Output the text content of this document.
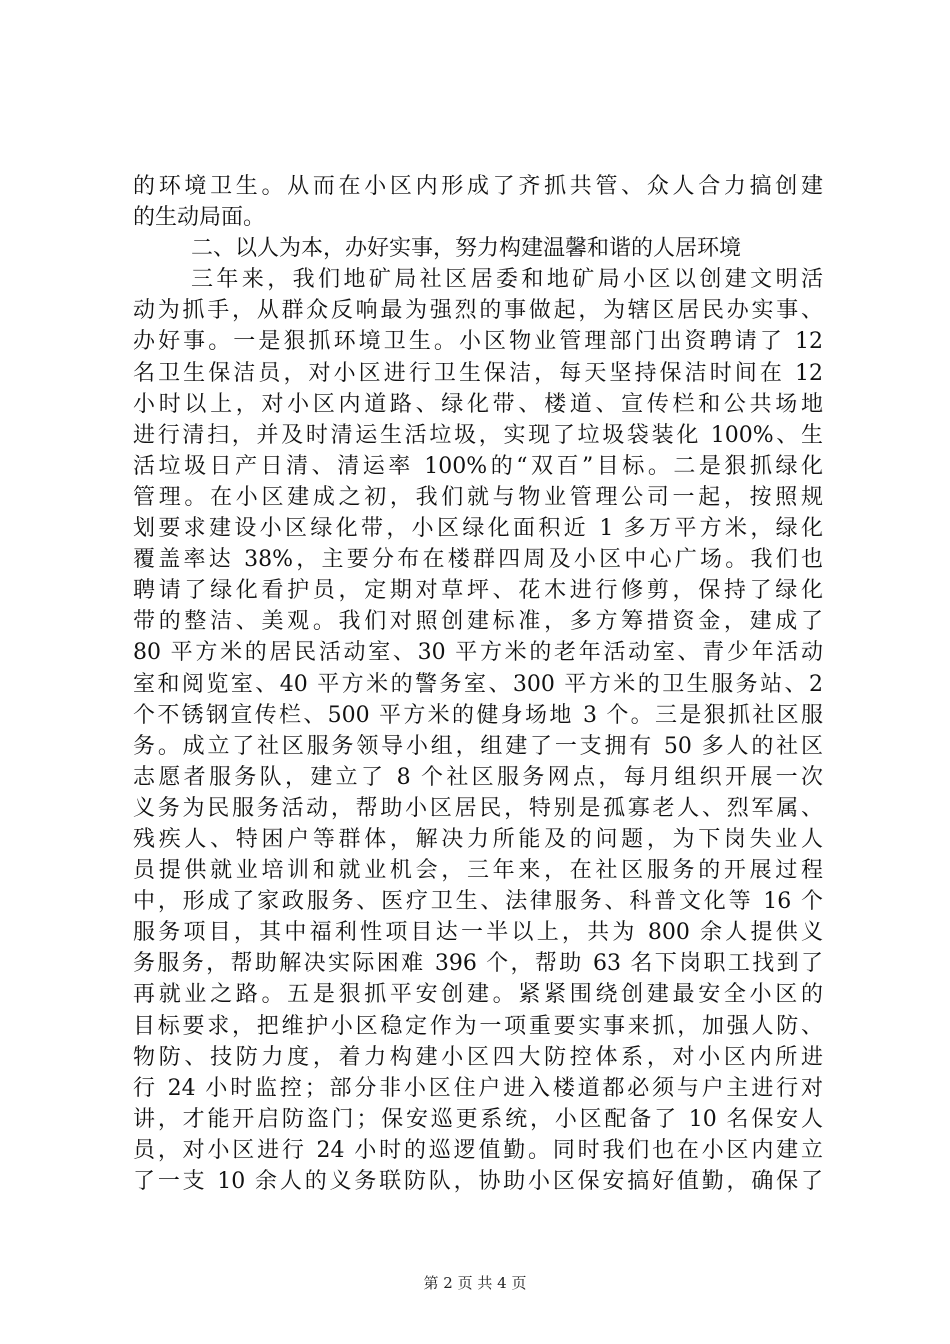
的环境卫生。从而在小区内形成了齐抓共管、众人合力搞创建
的生动局面。
二、以人为本，办好实事，努力构建温馨和谐的人居环境
三年来，我们地矿局社区居委和地矿局小区以创建文明活
动为抓手，从群众反响最为强烈的事做起，为辖区居民办实事、
办好事。一是狠抓环境卫生。小区物业管理部门出资聘请了 12
名卫生保洁员，对小区进行卫生保洁，每天坚持保洁时间在 12
小时以上，对小区内道路、绿化带、楼道、宣传栏和公共场地
进行清扫，并及时清运生活垃圾，实现了垃圾袋装化 100%、生
活垃圾日产日清、清运率 100%的“双百”目标。二是狠抓绿化
管理。在小区建成之初，我们就与物业管理公司一起，按照规
划要求建设小区绿化带，小区绿化面积近 1 多万平方米，绿化
覆盖率达 38%，主要分布在楼群四周及小区中心广场。我们也
聘请了绿化看护员，定期对草坪、花木进行修剪，保持了绿化
带的整洁、美观。我们对照创建标准，多方筹措资金，建成了
80 平方米的居民活动室、30 平方米的老年活动室、青少年活动
室和阅览室、40 平方米的警务室、300 平方米的卫生服务站、2
个不锈钢宣传栏、500 平方米的健身场地 3 个。三是狠抓社区服
务。成立了社区服务领导小组，组建了一支拥有 50 多人的社区
志愿者服务队，建立了 8 个社区服务网点，每月组织开展一次
义务为民服务活动，帮助小区居民，特别是孤寡老人、烈军属、
残疾人、特困户等群体，解决力所能及的问题，为下岗失业人
员提供就业培训和就业机会，三年来，在社区服务的开展过程
中，形成了家政服务、医疗卫生、法律服务、科普文化等 16 个
服务项目，其中福利性项目达一半以上，共为 800 余人提供义
务服务，帮助解决实际困难 396 个，帮助 63 名下岗职工找到了
再就业之路。五是狠抓平安创建。紧紧围绕创建最安全小区的
目标要求，把维护小区稳定作为一项重要实事来抓，加强人防、
物防、技防力度，着力构建小区四大防控体系，对小区内所进
行 24 小时监控；部分非小区住户进入楼道都必须与户主进行对
讲，才能开启防盗门；保安巡更系统，小区配备了 10 名保安人
员，对小区进行 24 小时的巡逻值勤。同时我们也在小区内建立
了一支 10 余人的义务联防队，协助小区保安搞好值勤，确保了
第 2 页 共 4 页
